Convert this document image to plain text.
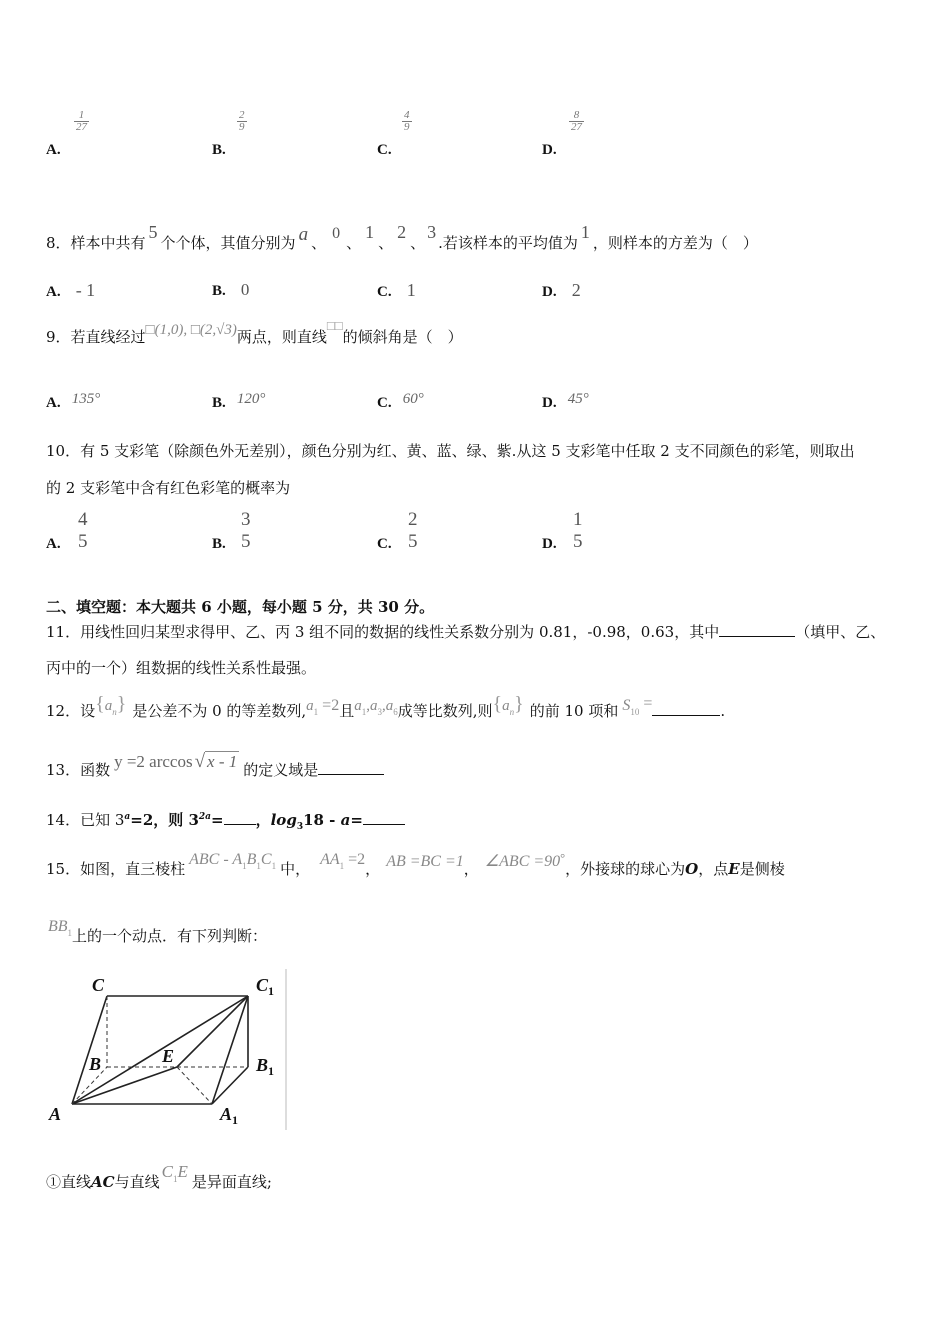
A.
$\frac{1}{27}$
B.
$\frac{2}{9}$
C.
$\frac{4}{9}$
D.
$\frac{8}{27}$
8．样本中共有5个个体，其值分别为 a 、0、1、2、3.若该样本的平均值为1，则样本的方差为（　）
A. - 1	B. 0	C. 1	D. 2
9．若直线经过□(1,0), □(2,√3)两点，则直线□□的倾斜角是（　）
A. 135°	B. 120°	C. 60°	D. 45°
10．有 5 支彩笔（除颜色外无差别），颜色分别为红、黄、蓝、绿、紫.从这 5 支彩笔中任取 2 支不同颜色的彩笔，则取出
的 2 支彩笔中含有红色彩笔的概率为
A.
4
5	B.
3
5	C.
2
5	D.
1
5
二、填空题：本大题共 6 小题，每小题 5 分，共 30 分。
11．用线性回归某型求得甲、乙、丙 3 组不同的数据的线性关系数分别为 0.81，-0.98，0.63，其中	（填甲、乙、
丙中的一个）组数据的线性关系性最强。
12．设$\{a_n\}$ 是公差不为 0 的等差数列$,a_1 =2$且$a_1,a_3,a_6$成等比数列,则$\{a_n\}$ 的前 10 项和 $S_{10}$ =	.
13．函数 y =2 arccos √ x - 1 的定义域是
14．已知 $3^a=2$，则 $3^{2a}=$ ，$\log_318 - a=$
15．如图，直三棱柱ABC - $A^1B^1C^1$ 中，$AA^1 =2$， AB =BC =1， ∠ABC =90°，外接球的球心为O，点E是侧棱
$BB^1$上的一个动点．有下列判断：
C	$C_1$
B	E	$B_1$
A	$A_1$
①直线AC与直线$C^1E$是异面直线;
